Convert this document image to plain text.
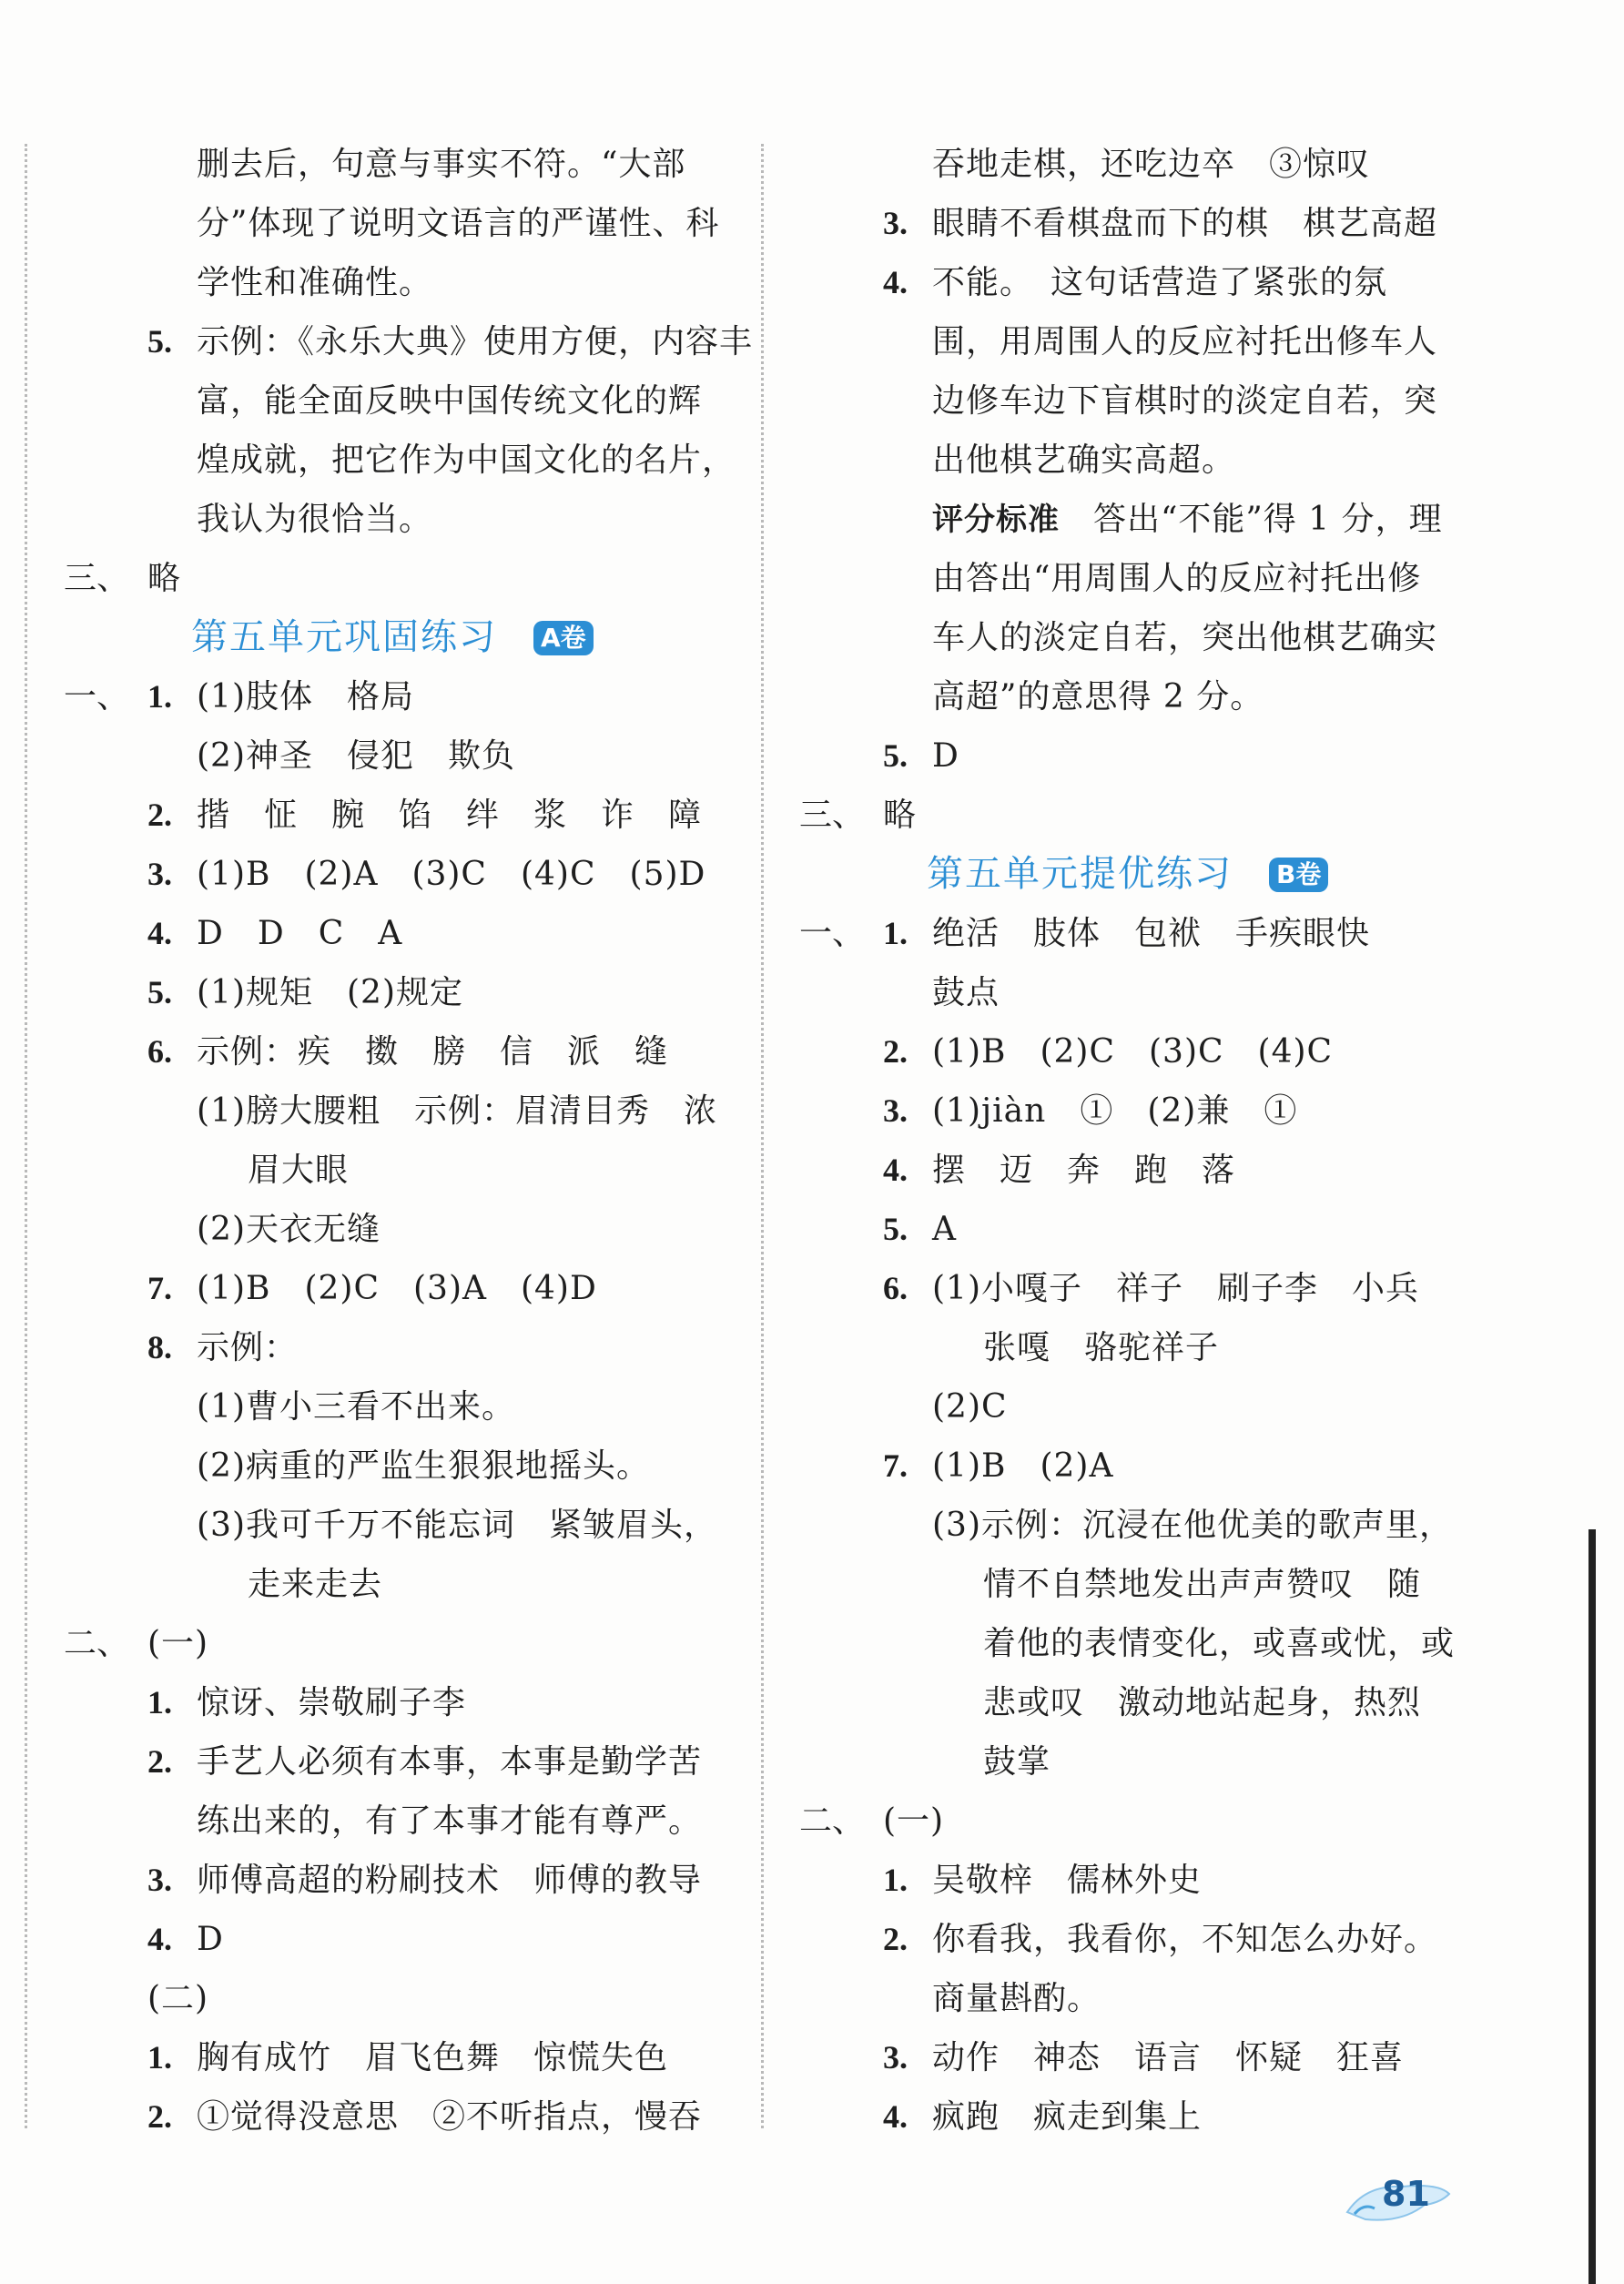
删去后，句意与事实不符。“大部
分”体现了说明文语言的严谨性、科
学性和准确性。
5. 示例：《永乐大典》使用方便，内容丰
富，能全面反映中国传统文化的辉
煌成就，把它作为中国文化的名片，
我认为很恰当。
三、 略
第五单元巩固练习 A卷
一、 1. (1)肢体　格局
(2)神圣　侵犯　欺负
2. 揩　怔　腕　馅　绊　浆　诈　障
3. (1)B　(2)A　(3)C　(4)C　(5)D
4. D　D　C　A
5. (1)规矩　(2)规定
6. 示例：疾　擞　膀　信　派　缝
(1)膀大腰粗　示例：眉清目秀　浓
眉大眼
(2)天衣无缝
7. (1)B　(2)C　(3)A　(4)D
8. 示例：
(1)曹小三看不出来。
(2)病重的严监生狠狠地摇头。
(3)我可千万不能忘词　紧皱眉头，
走来走去
二、 (一)
1. 惊讶、崇敬刷子李
2. 手艺人必须有本事，本事是勤学苦
练出来的，有了本事才能有尊严。
3. 师傅高超的粉刷技术　师傅的教导
4. D
(二)
1. 胸有成竹　眉飞色舞　惊慌失色
2. ①觉得没意思　②不听指点，慢吞
吞地走棋，还吃边卒　③惊叹
3. 眼睛不看棋盘而下的棋　棋艺高超
4. 不能。　这句话营造了紧张的氛
围，用周围人的反应衬托出修车人
边修车边下盲棋时的淡定自若，突
出他棋艺确实高超。
评分标准　答出“不能”得 1 分，理
由答出“用周围人的反应衬托出修
车人的淡定自若，突出他棋艺确实
高超”的意思得 2 分。
5. D
三、 略
第五单元提优练习 B卷
一、 1. 绝活　肢体　包袱　手疾眼快
鼓点
2. (1)B　(2)C　(3)C　(4)C
3. (1)jiàn　①　(2)兼　①
4. 摆　迈　奔　跑　落
5. A
6. (1)小嘎子　祥子　刷子李　小兵
张嘎　骆驼祥子
(2)C
7. (1)B　(2)A
(3)示例：沉浸在他优美的歌声里，
情不自禁地发出声声赞叹　随
着他的表情变化，或喜或忧，或
悲或叹　激动地站起身，热烈
鼓掌
二、 (一)
1. 吴敬梓　儒林外史
2. 你看我，我看你，不知怎么办好。
商量斟酌。
3. 动作　神态　语言　怀疑　狂喜
4. 疯跑　疯走到集上
81
